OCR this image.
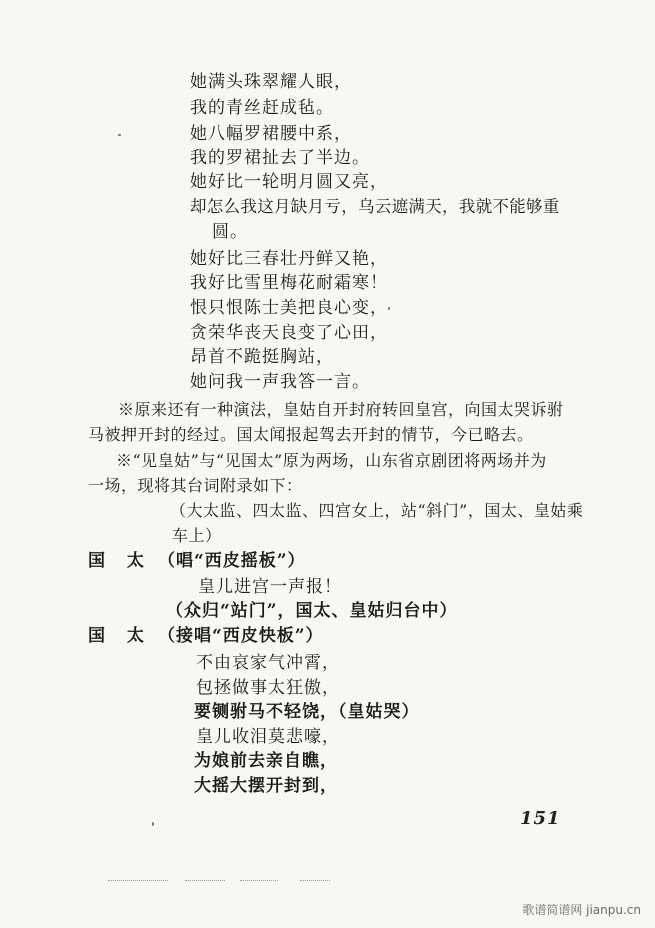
她满头珠翠耀人眼，
我的青丝赶成毡。
她八幅罗裙腰中系，
我的罗裙扯去了半边。
她好比一轮明月圆又亮，
却怎么我这月缺月亏，乌云遮满天，我就不能够重
圆。
她好比三春壮丹鲜又艳，
我好比雪里梅花耐霜寒！
恨只恨陈士美把良心变，
贪荣华丧天良变了心田，
昂首不跪挺胸站，
她问我一声我答一言。
※原来还有一种演法，皇姑自开封府转回皇宫，向国太哭诉驸
马被押开封的经过。国太闻报起驾去开封的情节，今已略去。
※“见皇姑”与“见国太”原为两场，山东省京剧团将两场并为
一场，现将其台词附录如下：
（大太监、四太监、四宫女上，站“斜门”，国太、皇姑乘
车上）
国 太 （唱“西皮摇板”）
皇儿进宫一声报！
（众归“站门”，国太、皇姑归台中）
国 太 （接唱“西皮快板”）
不由哀家气冲霄，
包拯做事太狂傲，
要铡驸马不轻饶，（皇姑哭）
皇儿收泪莫悲嚎，
为娘前去亲自瞧，
大摇大摆开封到，
151
歌谱简谱网 jianpu.cn
